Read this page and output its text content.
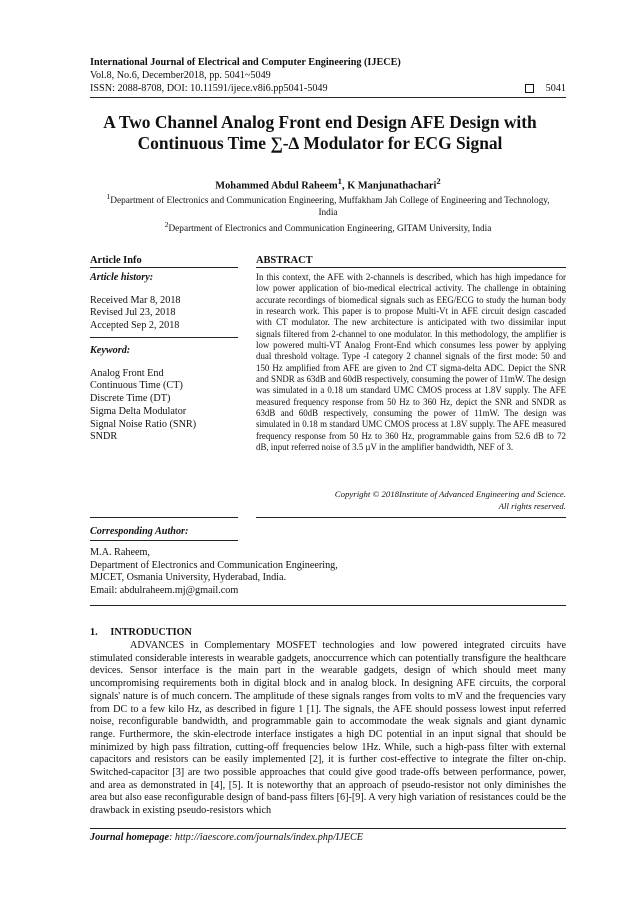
International Journal of Electrical and Computer Engineering (IJECE)
Vol.8, No.6, December2018, pp. 5041~5049
ISSN: 2088-8708, DOI: 10.11591/ijece.v8i6.pp5041-5049	5041
A Two Channel Analog Front end Design AFE Design with
Continuous Time ∑-∆ Modulator for ECG Signal
Mohammed Abdul Raheem$^1$, K Manjunathachari$^2$

$^1$Department of Electronics and Communication Engineering, Muffakham Jah College of Engineering and Technology,

India

$^2$Department of Electronics and Communication Engineering, GITAM University, India

Article Info	ABSTRACT
Article history:
Received Mar 8, 2018
Revised Jul 23, 2018
Accepted Sep 2, 2018
Keyword:
Analog Front End
Continuous Time (CT)
Discrete Time (DT)
Sigma Delta Modulator
Signal Noise Ratio (SNR)
SNDR
In this context, the AFE with 2-channels is described, which has high impedance for low power application of bio-medical electrical activity. The challenge in obtaining accurate recordings of biomedical signals such as EEG/ECG to study the human body in research work. This paper is to propose Multi-Vt in AFE circuit design cascaded with CT modulator. The new architecture is anticipated with two dissimilar input signals filtered from 2-channel to one modulator. In this methodology, the amplifier is low powered multi-VT Analog Front-End which consumes less power by applying dual threshold voltage. Type -I category 2 channel signals of the first mode: 50 and 150 Hz amplified from AFE are given to 2nd CT sigma-delta ADC. Depict the SNR and SNDR as 63dB and 60dB respectively, consuming the power of 11mW. The design was simulated in a 0.18 um standard UMC CMOS process at 1.8V supply. The AFE measured frequency response from 50 Hz to 360 Hz, depict the SNR and SNDR as 63dB and 60dB respectively, consuming the power of 11mW. The design was simulated in 0.18 m standard UMC CMOS process at 1.8V supply. The AFE measured frequency response from 50 Hz to 360 Hz, programmable gains from 52.6 dB to 72 dB, input referred noise of 3.5 µV in the amplifier bandwidth, NEF of 3.
Copyright © 2018Institute of Advanced Engineering and Science.
All rights reserved.
Corresponding Author:
M.A. Raheem,
Department of Electronics and Communication Engineering,
MJCET, Osmania University, Hyderabad, India.
Email: abdulraheem.mj@gmail.com
1. INTRODUCTION
ADVANCES in Complementary MOSFET technologies and low powered integrated circuits have stimulated considerable interests in wearable gadgets, anoccurrence which can potentially transfigure the healthcare devices. Sensor interface is the main part in the wearable gadgets, design of which should meet many uncompromising requirements both in digital block and in analog block. In designing AFE circuits, the corporal signals' nature is of much concern. The amplitude of these signals ranges from volts to mV and the frequencies vary from DC to a few kilo Hz, as described in figure 1 [1]. The signals, the AFE should possess lowest input referred noise, reconfigurable bandwidth, and programmable gain to accommodate the weak signals and giant dynamic range. Furthermore, the skin-electrode interface instigates a high DC potential in an input signal that should be minimized by high pass filtration, cutting-off frequencies below 1Hz. While, such a high-pass filter with external capacitors and resistors can be easily implemented [2], it is further cost-effective to integrate the filter on-chip. Switched-capacitor [3] are two possible approaches that could give good trade-offs between performance, power, and area as demonstrated in [4], [5]. It is noteworthy that an approach of pseudo-resistor not only diminishes the area but also ease reconfigurable design of band-pass filters [6]-[9]. A very high variation of resistances could be the drawback in existing pseudo-resistors which
Journal homepage: http://iaescore.com/journals/index.php/IJECE
